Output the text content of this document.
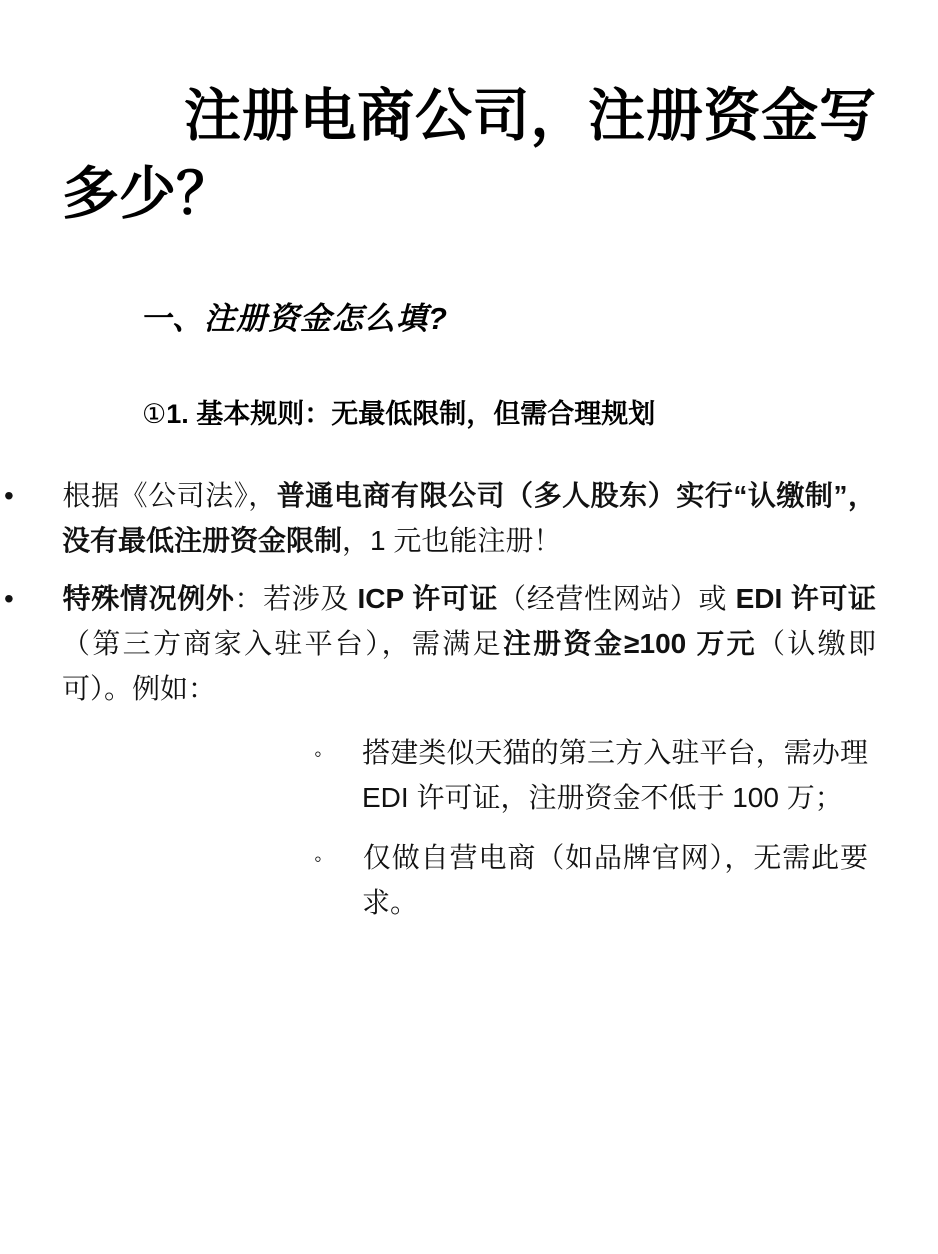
注册电商公司，注册资金写多少？
一、注册资金怎么填?
①1. 基本规则：无最低限制，但需合理规划
• 根据《公司法》，普通电商有限公司（多人股东）实行“认缴制”，没有最低注册资金限制，1 元也能注册！
• 特殊情况例外：若涉及 ICP 许可证（经营性网站）或 EDI 许可证（第三方商家入驻平台），需满足注册资金≥100 万元（认缴即可）。例如：
◦ 搭建类似天猫的第三方入驻平台，需办理 EDI 许可证，注册资金不低于 100 万；
◦ 仅做自营电商（如品牌官网），无需此要求。
